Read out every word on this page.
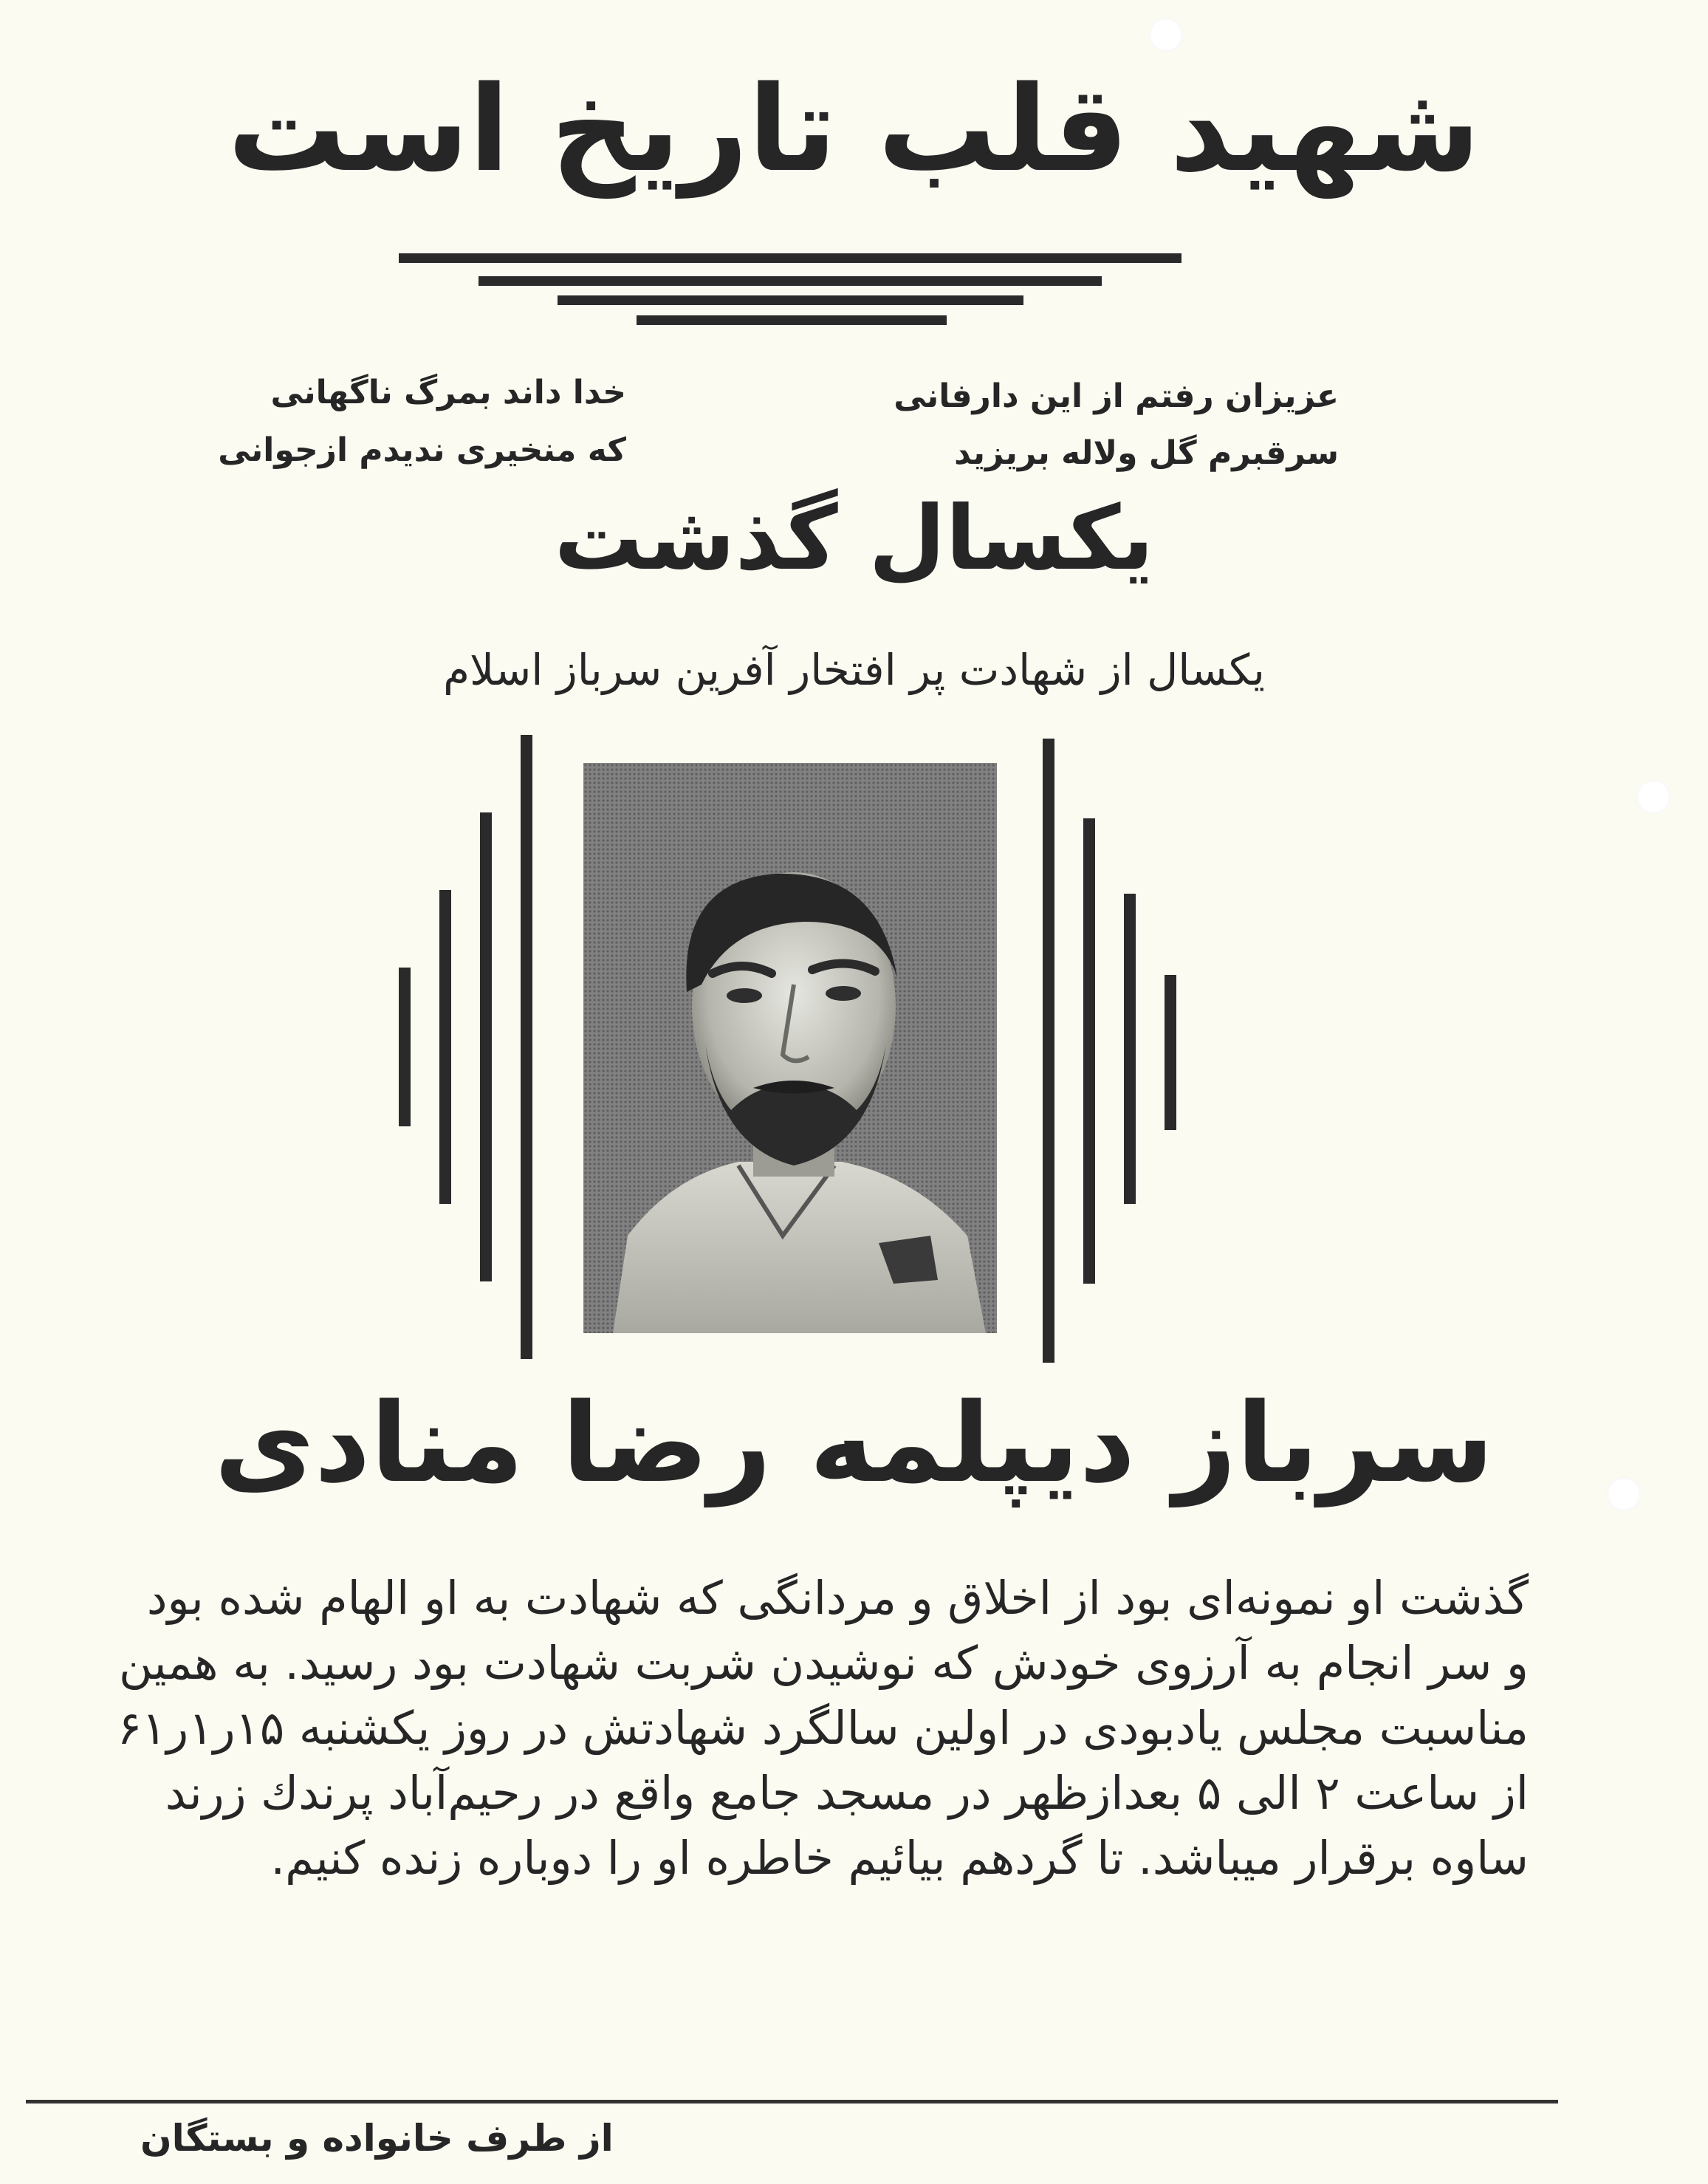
شهید قلب تاریخ است
عزیزان رفتم از این دارفانی
سرقبرم گل ولاله بریزید
خدا داند بمرگ ناگهانی
که منخیری ندیدم ازجوانی
یکسال گذشت
یکسال از شهادت پر افتخار آفرین سرباز اسلام
سرباز دیپلمه رضا منادی

گذشت او نمونه‌ای بود از اخلاق و مردانگی که شهادت به او الهام شده بود

و سر انجام به آرزوی خودش که نوشیدن شربت شهادت بود رسید. به همین

مناسبت مجلس یادبودی در اولین سالگرد شهادتش در روز یکشنبه ۱۵ر۱ر۶۱

از ساعت ۲ الی ۵ بعدازظهر در مسجد جامع واقع در رحیم‌آباد پرندك زرند

ساوه برقرار میباشد. تا گردهم بیائیم خاطره او را دوباره زنده کنیم.

از طرف خانواده و بستگان
